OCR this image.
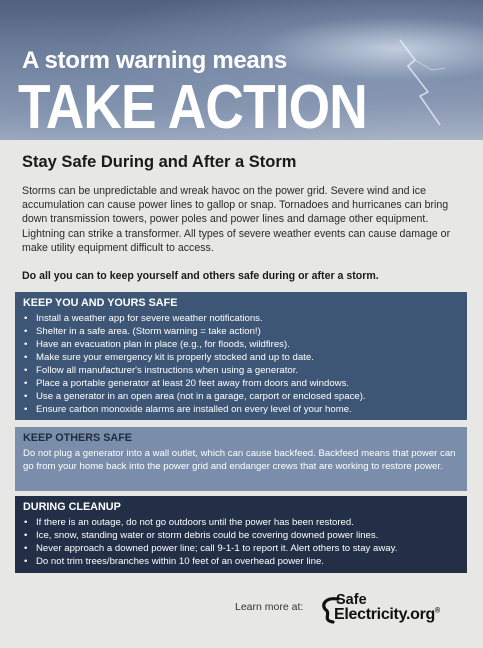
A storm warning means
TAKE ACTION
Stay Safe During and After a Storm

Storms can be unpredictable and wreak havoc on the power grid. Severe wind and ice accumulation can cause power lines to gallop or snap. Tornadoes and hurricanes can bring down transmission towers, power poles and power lines and damage other equipment. Lightning can strike a transformer. All types of severe weather events can cause damage or make utility equipment difficult to access.

Do all you can to keep yourself and others safe during or after a storm.

KEEP YOU AND YOURS SAFE
• Install a weather app for severe weather notifications.
• Shelter in a safe area. (Storm warning = take action!)
• Have an evacuation plan in place (e.g., for floods, wildfires).
• Make sure your emergency kit is properly stocked and up to date.
• Follow all manufacturer's instructions when using a generator.
• Place a portable generator at least 20 feet away from doors and windows.
• Use a generator in an open area (not in a garage, carport or enclosed space).
• Ensure carbon monoxide alarms are installed on every level of your home.
KEEP OTHERS SAFE

Do not plug a generator into a wall outlet, which can cause backfeed. Backfeed means that power can go from your home back into the power grid and endanger crews that are working to restore power.

DURING CLEANUP
• If there is an outage, do not go outdoors until the power has been restored.
• Ice, snow, standing water or storm debris could be covering downed power lines.
• Never approach a downed power line; call 9-1-1 to report it. Alert others to stay away.
• Do not trim trees/branches within 10 feet of an overhead power line.
Learn more at: Safe
Electricity.org®
